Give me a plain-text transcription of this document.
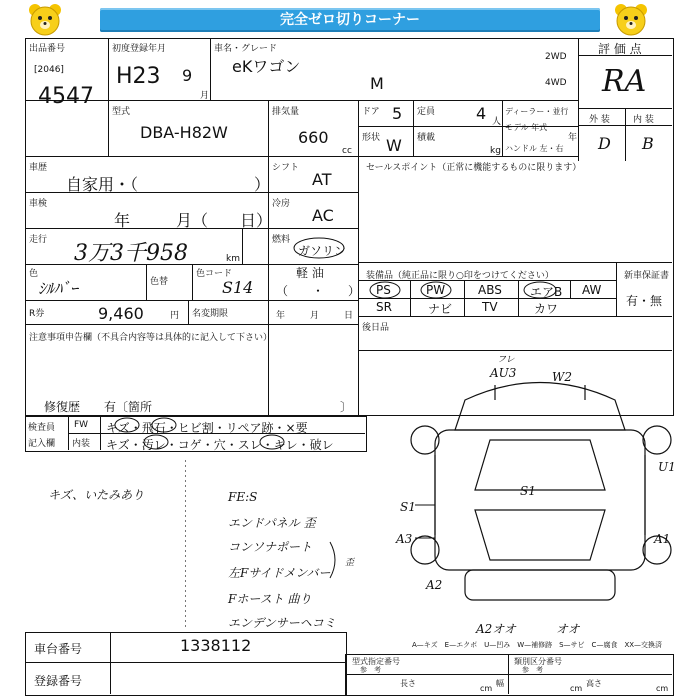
完全ゼロ切りコーナー
出品番号
[2046]
4547
初度登録年月
H23 9
月
車名・グレード
eKワゴン
M
2WD
4WD
評 価 点
RA
外 装	内 装
D B
型式
DBA-H82W
排気量
660
cc
ドア 5
形状 W
定員	4 人
積載
kg
ディーラー・並行
モデル 年式
年
ハンドル 左・右
車歴
自家用・（	）
車検
年	月（ 日）
走行
3万3千958	km
色
ｼﾙﾊﾞｰ	色替
色コード
S14
R券	9,460	円 名変期限	年	月	日
注意事項申告欄（不具合内容等は具体的に記入して下さい）
修復歴　　有〔箇所	〕
シフト
AT
冷房
AC
燃料
ガソリン
軽 油
（　　・　　）
セールスポイント（正常に機能するものに限ります）
装備品（純正品に限り○印をつけてください）	新車保証書
有・無
PS	PW	ABS エアB AW
SR	ナビ TV	カワ
後日品
検査員
記入欄
FW
内装
キズ・飛石・ヒビ割・リペア跡・×要
キズ・汚レ・コゲ・穴・スレ・キレ・破レ
キズ、いたみあり	FE:S
エンドパネル 歪
コンソナポート
左Fサイドメンバー
Fホースト 曲り
エンデンサーヘコミ
歪
フレ
AU3	W2
U1
S1
S1
A3	A1
A2
A2オオ	オオ
A—キズ　E—エクボ　U—凹み　W—補修跡　S—サビ　C—腐食　XX—交換済
車台番号	1338112
登録番号
型式指定番号
参　考
類別区分番号
参　考
長さ
cm
幅
cm
高さ
cm
